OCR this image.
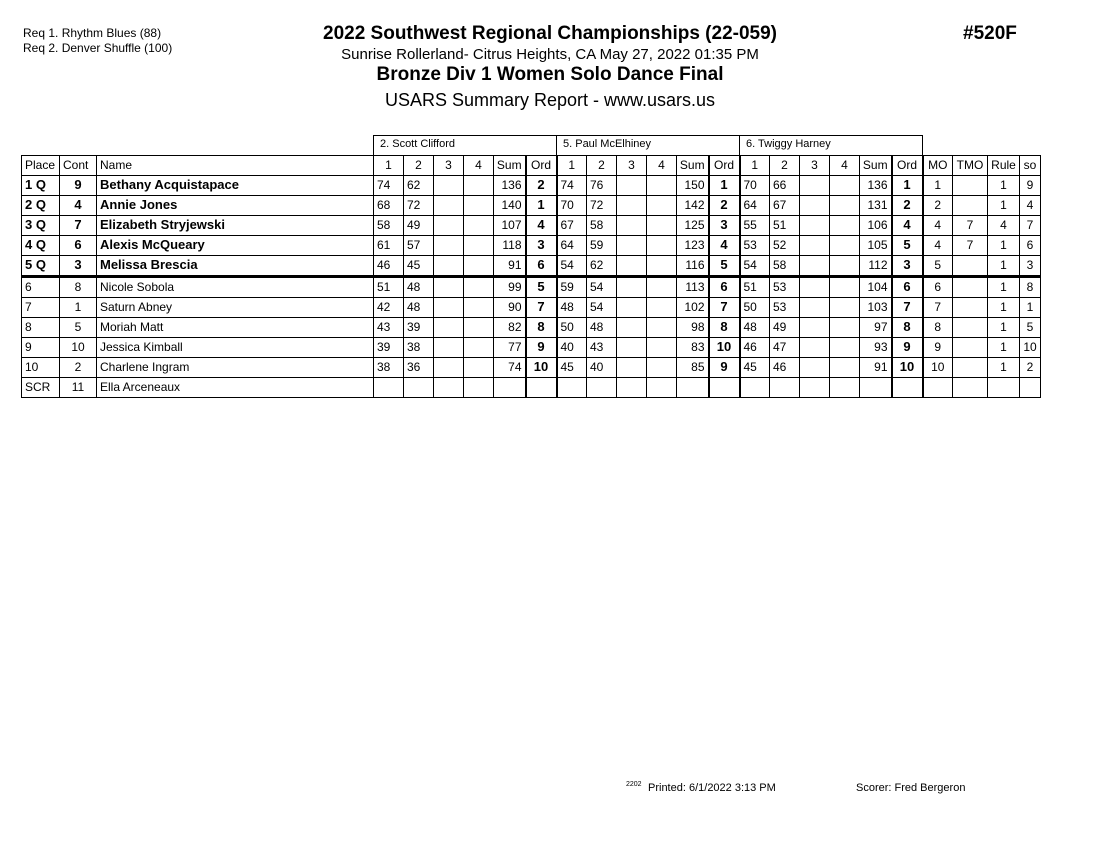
Req 1. Rhythm Blues (88)
Req 2. Denver Shuffle (100)
2022 Southwest Regional Championships (22-059)
Sunrise Rollerland- Citrus Heights, CA May 27, 2022 01:35 PM
Bronze Div 1 Women Solo Dance Final
USARS Summary Report - www.usars.us
#520F
			2. Scott Clifford						5. Paul McElhiney						6. Twiggy Harney									
Place	Cont	Name	1	2	3	4	Sum	Ord	1	2	3	4	Sum	Ord	1	2	3	4	Sum	Ord	MO	TMO	Rule	so
1 Q	9	Bethany Acquistapace	74	62			136	2	74	76			150	1	70	66			136	1	1		1	9
2 Q	4	Annie Jones	68	72			140	1	70	72			142	2	64	67			131	2	2		1	4
3 Q	7	Elizabeth Stryjewski	58	49			107	4	67	58			125	3	55	51			106	4	4	7	4	7
4 Q	6	Alexis McQueary	61	57			118	3	64	59			123	4	53	52			105	5	4	7	1	6
5 Q	3	Melissa Brescia	46	45			91	6	54	62			116	5	54	58			112	3	5		1	3
6	8	Nicole Sobola	51	48			99	5	59	54			113	6	51	53			104	6	6		1	8
7	1	Saturn Abney	42	48			90	7	48	54			102	7	50	53			103	7	7		1	1
8	5	Moriah Matt	43	39			82	8	50	48			98	8	48	49			97	8	8		1	5
9	10	Jessica Kimball	39	38			77	9	40	43			83	10	46	47			93	9	9		1	10
10	2	Charlene Ingram	38	36			74	10	45	40			85	9	45	46			91	10	10		1	2
SCR	11	Ella Arceneaux																						
2202 Printed: 6/1/2022 3:13 PM	Scorer: Fred Bergeron
